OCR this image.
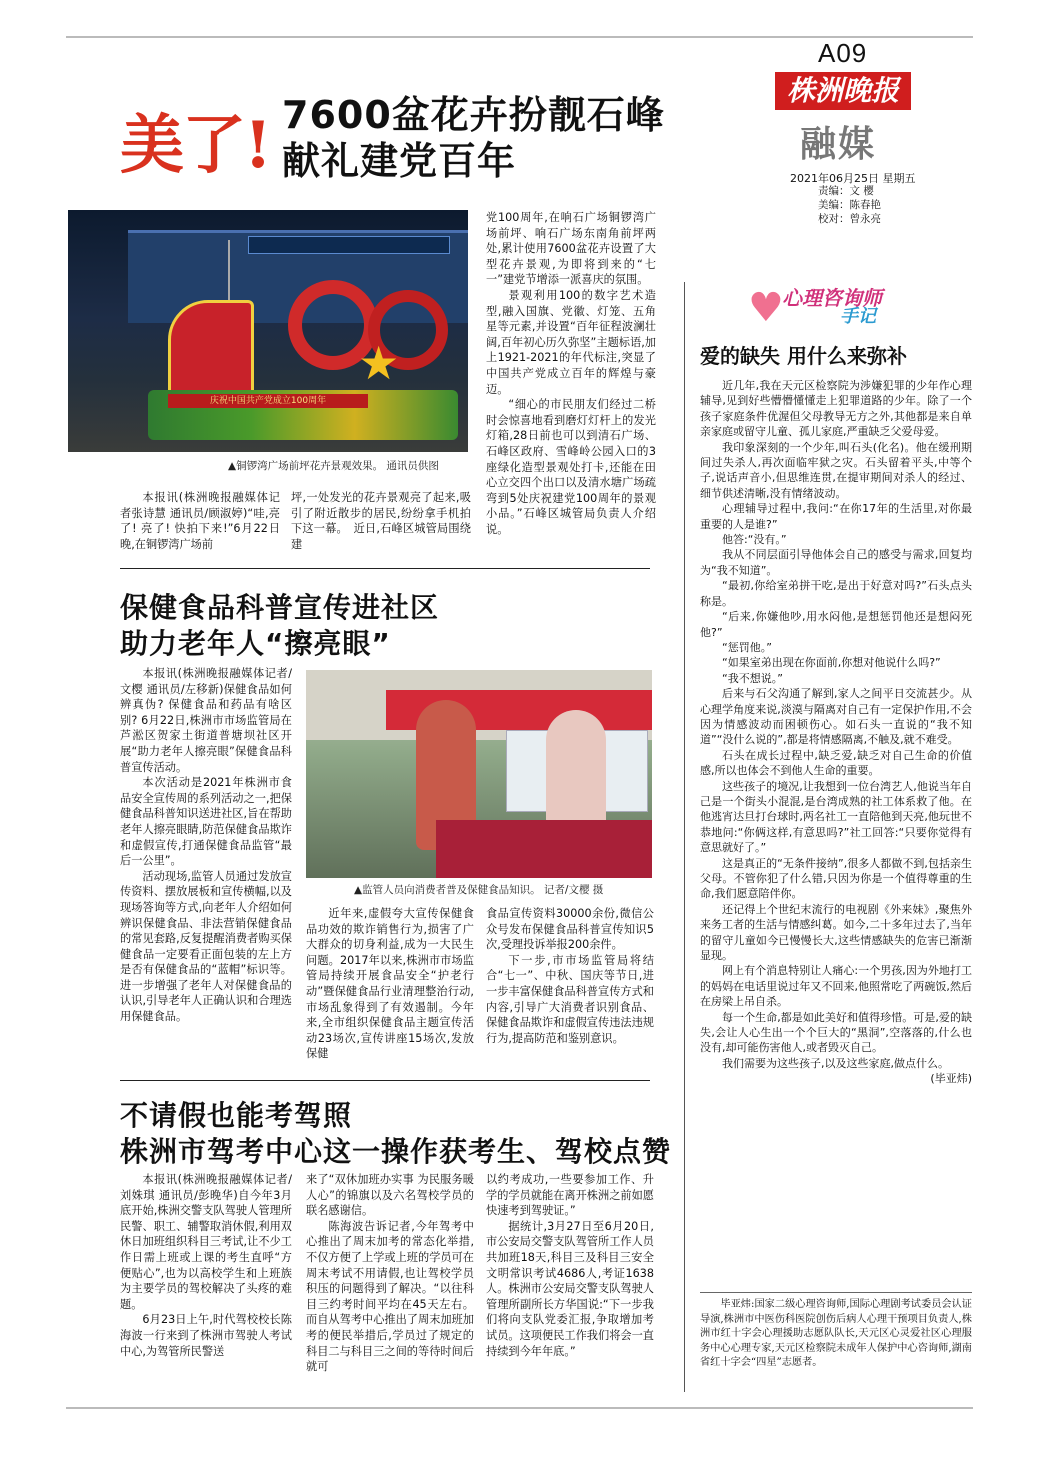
A09
株洲晚报
融媒
2021年06月25日 星期五
责编：文 樱
美编：陈春艳
校对：曾永亮
美了! 7600盆花卉扮靓石峰
献礼建党百年
★
庆祝中国共产党成立100周年
▲铜锣湾广场前坪花卉景观效果。 通讯员供图

本报讯(株洲晚报融媒体记者张诗慧 通讯员/顾淑婷)“哇,亮了! 亮了! 快拍下来!”6月22日晚,在铜锣湾广场前

坪,一处发光的花卉景观亮了起来,吸引了附近散步的居民,纷纷拿手机拍下这一幕。　近日,石峰区城管局围绕建

党100周年,在响石广场铜锣湾广场前坪、响石广场东南角前坪两处,累计使用7600盆花卉设置了大型花卉景观,为即将到来的“七一”建党节增添一派喜庆的氛围。

景观利用100的数字艺术造型,融入国旗、党徽、灯笼、五角星等元素,并设置“百年征程波澜壮阔,百年初心历久弥坚”主题标语,加上1921-2021的年代标注,突显了中国共产党成立百年的辉煌与豪迈。

“细心的市民朋友们经过二桥时会惊喜地看到磨灯灯杆上的发光灯箱,28日前也可以到清石广场、石峰区政府、雪峰岭公园入口的3座绿化造型景观处打卡,还能在田心立交四个出口以及清水塘广场疏弯到5处庆祝建党100周年的景观小品。”石峰区城管局负责人介绍说。

保健食品科普宣传进社区
助力老年人“擦亮眼”

本报讯(株洲晚报融媒体记者/文樱 通讯员/左移新)保健食品如何辨真伪? 保健食品和药品有啥区别? 6月22日,株洲市市场监管局在芦淞区贺家土街道普塘坝社区开展“助力老年人擦亮眼”保健食品科普宣传活动。

本次活动是2021年株洲市食品安全宣传周的系列活动之一,把保健食品科普知识送进社区,旨在帮助老年人擦亮眼睛,防范保健食品欺诈和虚假宣传,打通保健食品监管“最后一公里”。

活动现场,监管人员通过发放宣传资料、摆放展板和宣传横幅,以及现场答询等方式,向老年人介绍如何辨识保健食品、非法营销保健食品的常见套路,反复提醒消费者购买保健食品一定要看正面包装的左上方是否有保健食品的“蓝帽”标识等。进一步增强了老年人对保健食品的认识,引导老年人正确认识和合理选用保健食品。

▲监管人员向消费者普及保健食品知识。 记者/文樱 摄

近年来,虚假夸大宣传保健食品功效的欺诈销售行为,损害了广大群众的切身利益,成为一大民生问题。2017年以来,株洲市市场监管局持续开展食品安全“护老行动”暨保健食品行业清理整治行动,市场乱象得到了有效遏制。今年来,全市组织保健食品主题宣传活动23场次,宣传讲座15场次,发放保健

食品宣传资料30000余份,微信公众号发布保健食品科普宣传知识5次,受理投诉举报200余件。

下一步,市市场监管局将结合“七一”、中秋、国庆等节日,进一步丰富保健食品科普宣传方式和内容,引导广大消费者识别食品、保健食品欺诈和虚假宣传违法违规行为,提高防范和鉴别意识。

不请假也能考驾照
株洲市驾考中心这一操作获考生、驾校点赞

本报讯(株洲晚报融媒体记者/刘姝琪 通讯员/彭晚华)自今年3月底开始,株洲交警支队驾驶人管理所民警、职工、辅警取消休假,利用双休日加班组织科目三考试,让不少工作日需上班或上课的考生直呼“方便贴心”,也为以高校学生和上班族为主要学员的驾校解决了头疼的难题。

6月23日上午,时代驾校校长陈海波一行来到了株洲市驾驶人考试中心,为驾管所民警送

来了“双休加班办实事 为民服务暖人心”的锦旗以及六名驾校学员的联名感谢信。

陈海波告诉记者,今年驾考中心推出了周末加考的常态化举措,不仅方便了上学或上班的学员可在周末考试不用请假,也让驾校学员积压的问题得到了解决。“以往科目三约考时间平均在45天左右。而自从驾考中心推出了周末加班加考的便民举措后,学员过了规定的科目二与科目三之间的等待时间后就可

以约考成功,一些要参加工作、升学的学员就能在离开株洲之前如愿快速考到驾驶证。”

据统计,3月27日至6月20日,市公安局交警支队驾管所工作人员共加班18天,科目三及科目三安全文明常识考试4686人,考证1638人。株洲市公安局交警支队驾驶人管理所副所长方华国说:“下一步我们将向支队党委汇报,争取增加考试员。这项便民工作我们将会一直持续到今年年底。”

♥
心理咨询师
手记
爱的缺失 用什么来弥补

近几年,我在天元区检察院为涉嫌犯罪的少年作心理辅导,见到好些懵懵懂懂走上犯罪道路的少年。除了一个孩子家庭条件优渥但父母教导无方之外,其他都是来自单亲家庭或留守儿童、孤儿家庭,严重缺乏父爱母爱。

我印象深刻的一个少年,叫石头(化名)。他在缓刑期间过失杀人,再次面临牢狱之灾。石头留着平头,中等个子,说话声音小,但思维连贯,在提审期间对杀人的经过、细节供述清晰,没有情绪波动。

心理辅导过程中,我问:“在你17年的生活里,对你最重要的人是谁?”

他答:“没有。”

我从不同层面引导他体会自己的感受与需求,回复均为“我不知道”。

“最初,你给室弟拼干吃,是出于好意对吗?”石头点头称是。

“后来,你嫌他吵,用水闷他,是想惩罚他还是想闷死他?”

“惩罚他。”

“如果室弟出现在你面前,你想对他说什么吗?”

“我不想说。”

后来与石父沟通了解到,家人之间平日交流甚少。从心理学角度来说,淡漠与隔离对自己有一定保护作用,不会因为情感波动而困顿伤心。如石头一直说的“我不知道”“没什么说的”,都是将情感隔离,不触及,就不难受。

石头在成长过程中,缺乏爱,缺乏对自己生命的价值感,所以也体会不到他人生命的重要。

这些孩子的境况,让我想到一位台湾艺人,他说当年自己是一个街头小混混,是台湾成熟的社工体系救了他。在他逃宵达旦打台球时,两名社工一直陪他到天亮,他玩世不恭地问:“你俩这样,有意思吗?”社工回答:“只要你觉得有意思就好了。”

这是真正的“无条件接纳”,很多人都做不到,包括亲生父母。不管你犯了什么错,只因为你是一个值得尊重的生命,我们愿意陪伴你。

还记得上个世纪末流行的电视剧《外来妹》,聚焦外来务工者的生活与情感纠葛。如今,二十多年过去了,当年的留守儿童如今已慢慢长大,这些情感缺失的危害已渐渐显现。

网上有个消息特别让人痛心:一个男孩,因为外地打工的妈妈在电话里说过年又不回来,他照常吃了两碗饭,然后在房梁上吊自杀。

每一个生命,都是如此美好和值得珍惜。可是,爱的缺失,会让人心生出一个个巨大的“黑洞”,空落落的,什么也没有,却可能伤害他人,或者毁灭自己。

我们需要为这些孩子,以及这些家庭,做点什么。

(毕亚炜)
毕亚炜:国家二级心理咨询师,国际心理剧考试委员会认证导演,株洲市中医伤科医院创伤后病人心理干预项目负责人,株洲市红十字会心理援助志愿队队长,天元区心灵爱社区心理服务中心心理专家,天元区检察院未成年人保护中心咨询师,湖南省红十字会“四星”志愿者。
